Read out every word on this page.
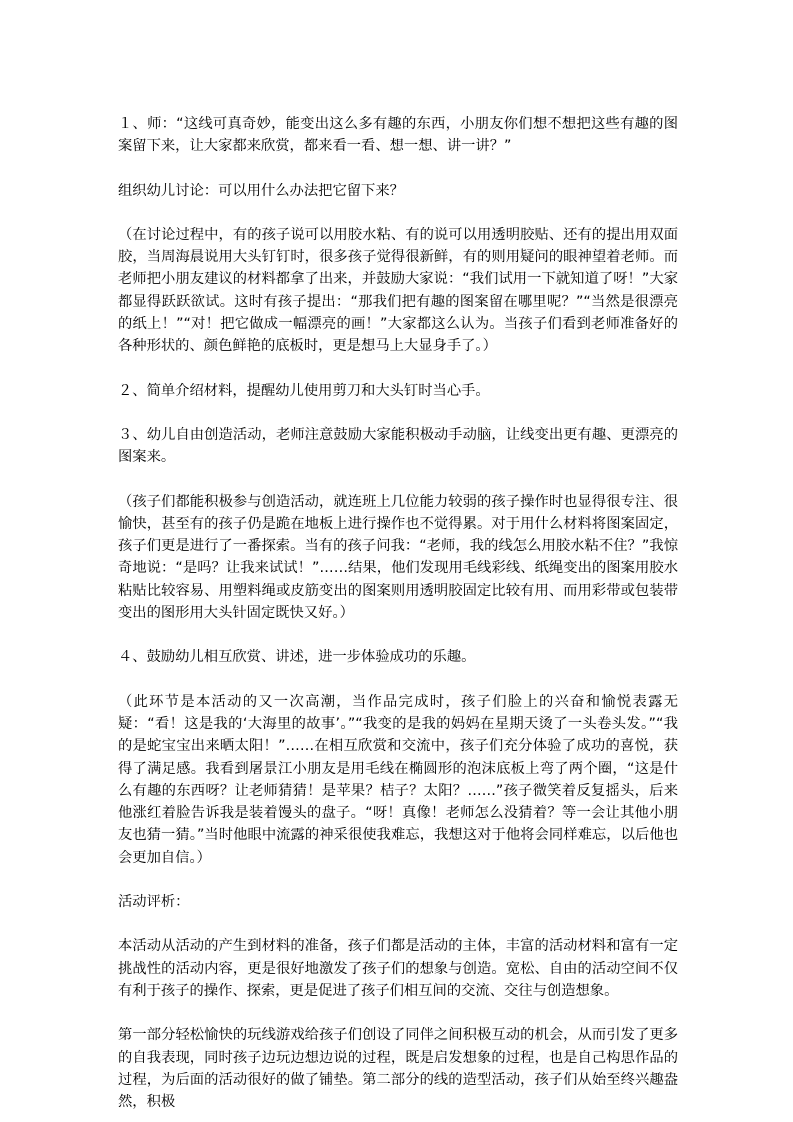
１、师：“这线可真奇妙，能变出这么多有趣的东西，小朋友你们想不想把这些有趣的图案留下来，让大家都来欣赏，都来看一看、想一想、讲一讲？”

组织幼儿讨论：可以用什么办法把它留下来？

（在讨论过程中，有的孩子说可以用胶水粘、有的说可以用透明胶贴、还有的提出用双面胶，当周海晨说用大头钉钉时，很多孩子觉得很新鲜，有的则用疑问的眼神望着老师。而老师把小朋友建议的材料都拿了出来，并鼓励大家说：“我们试用一下就知道了呀！”大家都显得跃跃欲试。这时有孩子提出：“那我们把有趣的图案留在哪里呢？”“当然是很漂亮的纸上！”“对！把它做成一幅漂亮的画！”大家都这么认为。当孩子们看到老师准备好的各种形状的、颜色鲜艳的底板时，更是想马上大显身手了。）

２、简单介绍材料，提醒幼儿使用剪刀和大头钉时当心手。

３、幼儿自由创造活动，老师注意鼓励大家能积极动手动脑，让线变出更有趣、更漂亮的图案来。

（孩子们都能积极参与创造活动，就连班上几位能力较弱的孩子操作时也显得很专注、很愉快，甚至有的孩子仍是跪在地板上进行操作也不觉得累。对于用什么材料将图案固定，孩子们更是进行了一番探索。当有的孩子问我：“老师，我的线怎么用胶水粘不住？”我惊奇地说：“是吗？让我来试试！”……结果，他们发现用毛线彩线、纸绳变出的图案用胶水粘贴比较容易、用塑料绳或皮筋变出的图案则用透明胶固定比较有用、而用彩带或包装带变出的图形用大头针固定既快又好。）

４、鼓励幼儿相互欣赏、讲述，进一步体验成功的乐趣。

（此环节是本活动的又一次高潮，当作品完成时，孩子们脸上的兴奋和愉悦表露无疑：“看！这是我的‘大海里的故事’。”“我变的是我的妈妈在星期天烫了一头卷头发。”“我的是蛇宝宝出来晒太阳！”……在相互欣赏和交流中，孩子们充分体验了成功的喜悦，获得了满足感。我看到屠景江小朋友是用毛线在椭圆形的泡沫底板上弯了两个圈，“这是什么有趣的东西呀？让老师猜猜！是苹果？桔子？太阳？……”孩子微笑着反复摇头，后来他涨红着脸告诉我是装着馒头的盘子。“呀！真像！老师怎么没猜着？等一会让其他小朋友也猜一猜。”当时他眼中流露的神采很使我难忘，我想这对于他将会同样难忘，以后他也会更加自信。）

活动评析：

本活动从活动的产生到材料的准备，孩子们都是活动的主体，丰富的活动材料和富有一定挑战性的活动内容，更是很好地激发了孩子们的想象与创造。宽松、自由的活动空间不仅有利于孩子的操作、探索，更是促进了孩子们相互间的交流、交往与创造想象。

第一部分轻松愉快的玩线游戏给孩子们创设了同伴之间积极互动的机会，从而引发了更多的自我表现，同时孩子边玩边想边说的过程，既是启发想象的过程，也是自己构思作品的过程，为后面的活动很好的做了铺垫。第二部分的线的造型活动，孩子们从始至终兴趣盎然，积极
